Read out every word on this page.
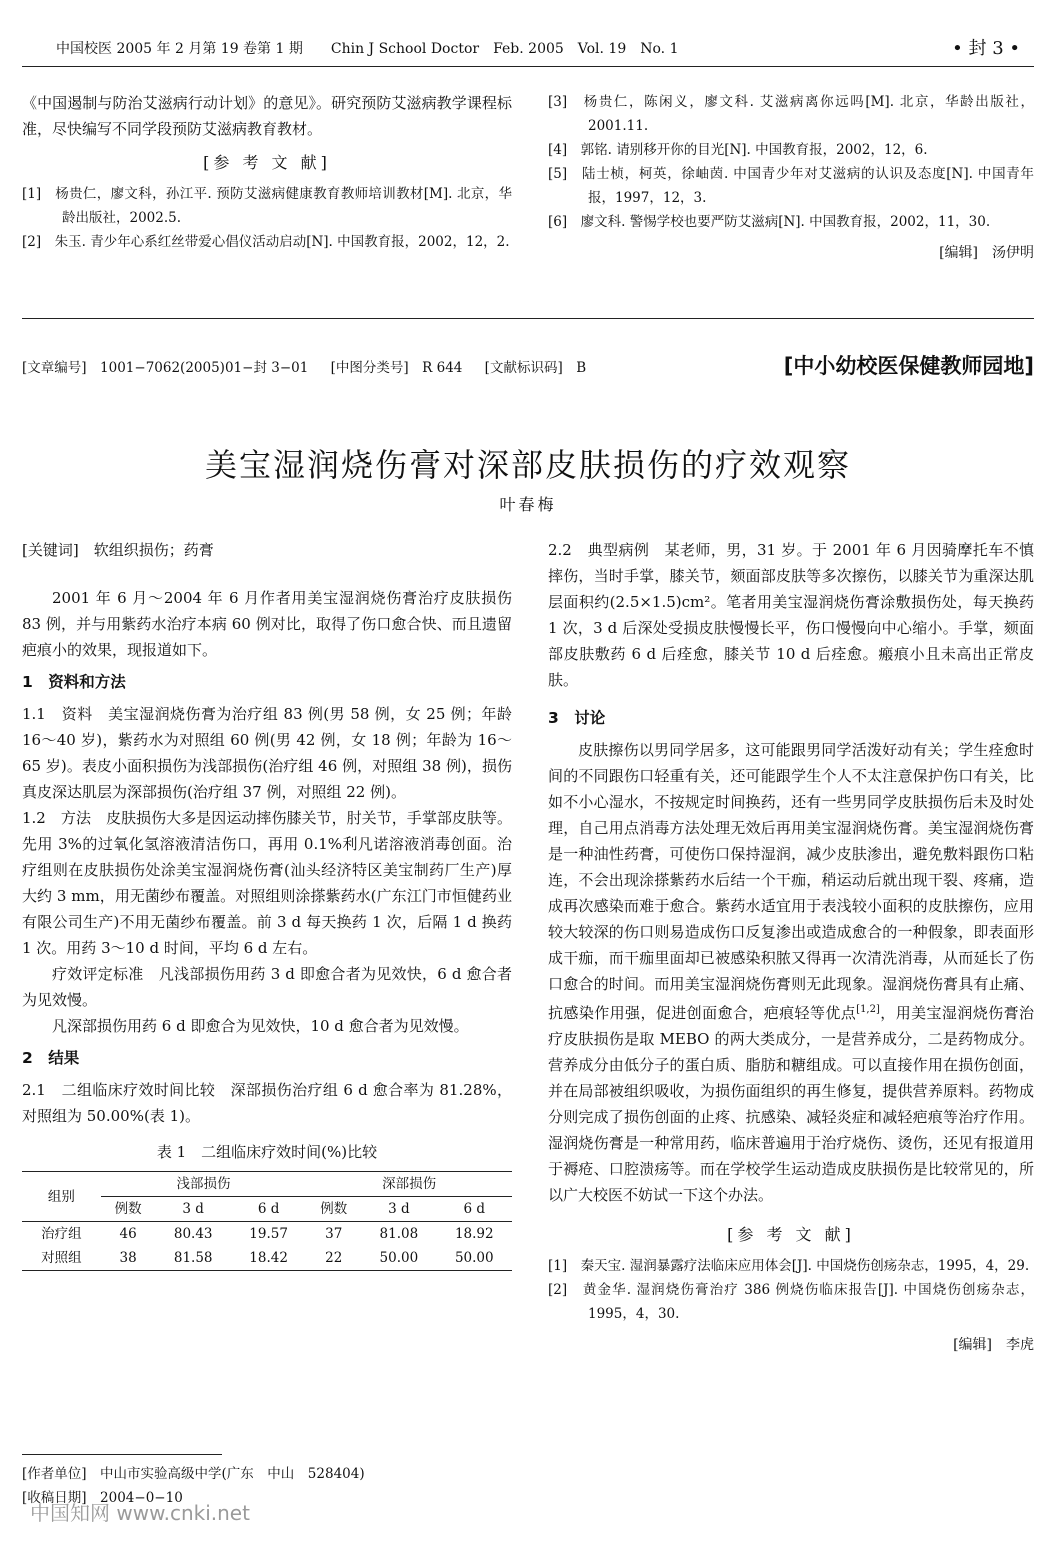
中国校医 2005 年 2 月第 19 卷第 1 期　　Chin J School Doctor　Feb. 2005　Vol. 19　No. 1	• 封 3 •

《中国遏制与防治艾滋病行动计划》的意见》。研究预防艾滋病教学课程标准，尽快编写不同学段预防艾滋病教育教材。

[参 考 文 献]

[1]　杨贵仁，廖文科，孙江平. 预防艾滋病健康教育教师培训教材[M]. 北京，华龄出版社，2002.5.

[2]　朱玉. 青少年心系红丝带爱心倡仪活动启动[N]. 中国教育报，2002，12，2.

[3]　杨贵仁，陈闲义，廖文科. 艾滋病离你远吗[M]. 北京，华龄出版社，2001.11.

[4]　郭铭. 请别移开你的目光[N]. 中国教育报，2002，12，6.

[5]　陆士桢，柯英，徐岫茵. 中国青少年对艾滋病的认识及态度[N]. 中国青年报，1997，12，3.

[6]　廖文科. 警惕学校也要严防艾滋病[N]. 中国教育报，2002，11，30.

[编辑]　汤伊明
[文章编号]　1001−7062(2005)01−封 3−01 [中图分类号]　R 644 [文献标识码]　B	[中小幼校医保健教师园地]
美宝湿润烧伤膏对深部皮肤损伤的疗效观察
叶春梅

[关键词]　软组织损伤；药膏

2001 年 6 月～2004 年 6 月作者用美宝湿润烧伤膏治疗皮肤损伤 83 例，并与用紫药水治疗本病 60 例对比，取得了伤口愈合快、而且遗留疤痕小的效果，现报道如下。

1　资料和方法

1.1　资料　美宝湿润烧伤膏为治疗组 83 例(男 58 例，女 25 例；年龄 16～40 岁)，紫药水为对照组 60 例(男 42 例，女 18 例；年龄为 16～65 岁)。表皮小面积损伤为浅部损伤(治疗组 46 例，对照组 38 例)，损伤真皮深达肌层为深部损伤(治疗组 37 例，对照组 22 例)。

1.2　方法　皮肤损伤大多是因运动摔伤膝关节，肘关节，手掌部皮肤等。先用 3%的过氧化氢溶液清洁伤口，再用 0.1%利凡诺溶液消毒创面。治疗组则在皮肤损伤处涂美宝湿润烧伤膏(汕头经济特区美宝制药厂生产)厚大约 3 mm，用无菌纱布覆盖。对照组则涂搽紫药水(广东江门市恒健药业有限公司生产)不用无菌纱布覆盖。前 3 d 每天换药 1 次，后隔 1 d 换药 1 次。用药 3～10 d 时间，平均 6 d 左右。

疗效评定标准　凡浅部损伤用药 3 d 即愈合者为见效快，6 d 愈合者为见效慢。

凡深部损伤用药 6 d 即愈合为见效快，10 d 愈合者为见效慢。

2　结果

2.1　二组临床疗效时间比较　深部损伤治疗组 6 d 愈合率为 81.28%，对照组为 50.00%(表 1)。

表 1　二组临床疗效时间(%)比较
组别	浅部损伤			深部损伤		
	例数	3 d	6 d	例数	3 d	6 d
治疗组	46	80.43	19.57	37	81.08	18.92
对照组	38	81.58	18.42	22	50.00	50.00
[作者单位]　中山市实验高级中学(广东　中山　528404)
[收稿日期]　2004−0−10

2.2　典型病例　某老师，男，31 岁。于 2001 年 6 月因骑摩托车不慎摔伤，当时手掌，膝关节，颏面部皮肤等多次擦伤，以膝关节为重深达肌层面积约(2.5×1.5)cm²。笔者用美宝湿润烧伤膏涂敷损伤处，每天换药 1 次，3 d 后深处受损皮肤慢慢长平，伤口慢慢向中心缩小。手掌，颏面部皮肤敷药 6 d 后痊愈，膝关节 10 d 后痊愈。瘢痕小且未高出正常皮肤。

3　讨论

皮肤擦伤以男同学居多，这可能跟男同学活泼好动有关；学生痊愈时间的不同跟伤口轻重有关，还可能跟学生个人不太注意保护伤口有关，比如不小心湿水，不按规定时间换药，还有一些男同学皮肤损伤后未及时处理，自己用点消毒方法处理无效后再用美宝湿润烧伤膏。美宝湿润烧伤膏是一种油性药膏，可使伤口保持湿润，减少皮肤渗出，避免敷料跟伤口粘连，不会出现涂搽紫药水后结一个干痂，稍运动后就出现干裂、疼痛，造成再次感染而难于愈合。紫药水适宜用于表浅较小面积的皮肤擦伤，应用较大较深的伤口则易造成伤口反复渗出或造成愈合的一种假象，即表面形成干痂，而干痂里面却已被感染积脓又得再一次清洗消毒，从而延长了伤口愈合的时间。而用美宝湿润烧伤膏则无此现象。湿润烧伤膏具有止痛、抗感染作用强，促进创面愈合，疤痕轻等优点[1,2]，用美宝湿润烧伤膏治疗皮肤损伤是取 MEBO 的两大类成分，一是营养成分，二是药物成分。营养成分由低分子的蛋白质、脂肪和糖组成。可以直接作用在损伤创面，并在局部被组织吸收，为损伤面组织的再生修复，提供营养原料。药物成分则完成了损伤创面的止疼、抗感染、减轻炎症和减轻疤痕等治疗作用。湿润烧伤膏是一种常用药，临床普遍用于治疗烧伤、烫伤，还见有报道用于褥疮、口腔溃疡等。而在学校学生运动造成皮肤损伤是比较常见的，所以广大校医不妨试一下这个办法。

[参 考 文 献]

[1]　秦天宝. 湿润暴露疗法临床应用体会[J]. 中国烧伤创疡杂志，1995，4，29.

[2]　黄金华. 湿润烧伤膏治疗 386 例烧伤临床报告[J]. 中国烧伤创疡杂志，1995，4，30.

[编辑]　李虎
中国知网 www.cnki.net
